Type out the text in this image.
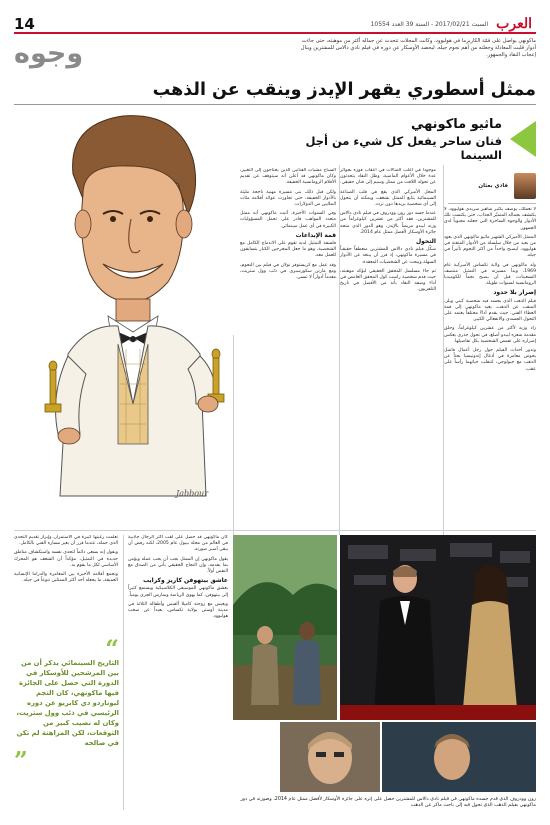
14	العرب
السبت 2017/02/21 - السنة 39 العدد 10554
ماكونهي يواصل على قمّة الكاريزما في هوليوود، وكانت المجلات تتحدث عن جماله أكثر من موهبته، حتى جاءت أدوار قلبت المعادلة وجعلته من أهم نجوم جيله، ليحصد الأوسكار عن دوره في فيلم نادي دالاس للمشترين وينال إعجاب النقاد والجمهور.
وجوه
ممثل أسطوري يقهر الإيدز وينقب عن الذهب
ماثيو ماكونهي
فنان ساحر يفعل كل شيء من أجل السينما
فادي بعثان
Jabbour

لا تعملك، يوصف بكثير شاهير سريدي هوليوود، لا يكتشف بجماله المتميّز الجذاب، حتى يكتسب تلك الأدوار والوجوه الساحرة التي جعلته محبوباً لدى الجمهور.

الممثل الأميركي الشهير ماثيو ماكونهي الذي يعود من بعيد من خلال سلسلة من الأدوار المتقنة في هوليوود، ليصبح واحداً من أكثر النجوم تأثيراً في جيله.

ولد ماكونهي في ولاية تكساس الأميركية عام 1969، وبدأ مسيرته في التمثيل منتصف التسعينات، قبل أن يصبح نجماً للكوميديا الرومانسية لسنوات طويلة.

إصرار بلا حدود

فيلم الذهب الذي يجسد فيه شخصية كيني ويلز، المنقب عن الذهب، يعيد ماكونهي إلى قمة العطاء الفني، حيث يقدم أداءً مختلفاً يعتمد على التحول الجسدي والانفعالي الكبير.

زاد وزنه لأكثر من عشرين كيلوغراماً، وحلق مقدمة شعره ليبدو أصلع، في تحول جذري يعكس إصراره على تقمص الشخصية بكل تفاصيلها.

وتدور أحداث الفيلم حول رجل أعمال فاشل يخوض مغامرة في أدغال إندونيسيا بحثاً عن الذهب مع جيولوجي، لتنقلب حياتهما رأساً على عقب.

موجوداً في أغلب الصالات في أعقاب فوزه بجوائز عدة خلال الأعوام الماضية، وظل النقاد يتحدثون عن تحوله اللافت من ممثل وسيم إلى فنان حقيقي.

المحل الأميركي الذي يقع في قلب الصناعة السينمائية يتابع الممثل بشغف، ويمكنه أن يتحول إلى أي شخصية يريدها دون تردد.

عندما جسد دور رون وودروف في فيلم نادي دالاس للمشترين، فقد أكثر من عشرين كيلوغراماً من وزنه ليبدو مريضاً بالإيدز، وهو الدور الذي منحه جائزة الأوسكار لأفضل ممثل عام 2014.

التحول

شكّل فيلم نادي دالاس للمشترين منعطفاً حقيقياً في مسيرة ماكونهي، إذ قرر أن يبتعد عن الأدوار السهلة ويبحث عن الشخصيات المعقدة.

ثم جاء مسلسل المحقق الحقيقي ليؤكد موهبته، حيث قدم شخصية راست كول المحقق الغامض في أداء وصفه النقاد بأنه من الأفضل في تاريخ التلفزيون.

السباح مشيات الفنانين الذين يحتاجون إلى التغيير، وكان ماكونهي قد أعلن أنه سيتوقف عن تقديم الأفلام الرومانسية الخفيفة.

ولكن قبل ذلك، بنى مسيرة مهنية ناجحة مليئة بالأدوار الخفيفة، حتى تجاوزت عوائد أفلامه مئات الملايين من الدولارات.

وفي السنوات الأخيرة، أثبت ماكونهي أنه ممثل متعدد المواهب قادر على تحمل المسؤوليات الكبيرة في أي عمل سينمائي.

قمة الإبداعات

فلسفة التمثيل لديه تقوم على الاندماج الكامل مع الشخصية، وهو ما جعل المخرجين الكبار يتسابقون للعمل معه.

وقد عمل مع كريستوفر نولان في فيلم بين النجوم، ومع مارتن سكورسيزي في ذئب وول ستريت، مقدماً أدواراً لا تنسى.

كان ماكونهي قد حصل على لقب أكثر الرجال جاذبية في العالم من مجلة بيبول عام 2005، لكنه رفض أن يبقى أسير صورته.

يقول ماكونهي إن الممثل يجب أن يحب عمله ويؤمن بما يقدمه، وإن النجاح الحقيقي يأتي من الصدق مع النفس أولاً.

عاشق بيتهوفن كاريز وكرايب

يعشق ماكونهي الموسيقى الكلاسيكية ويستمع كثيراً إلى بيتهوفن، كما يهوى الرياضة ويمارس الجري يومياً.

ويعيش مع زوجته كاميلا ألفيس وأطفاله الثلاثة في مدينة أوستن بولاية تكساس، بعيداً عن صخب هوليوود.

تعلمت رغبتها كبيرة في الاستمرار، وإبراز تقديم التحدي الذي حمله، عندما قرر أن يغير مساره الفني بالكامل.

ويقول إنه يسعى دائماً لتحدي نفسه واستكشاف مناطق جديدة في التمثيل، مؤكداً أن الشغف هو المحرك الأساسي لكل ما يقوم به.

وتجمع أفلامه الأخيرة بين المغامرة والدراما الإنسانية العميقة، ما يجعله أحد أكثر الممثلين تنوعاً في جيله.

“
التاريخ السينمائي يذكر أن من بين المرشحين للأوسكار في الدورة التي حصل على الجائزة فيها ماكونهي، كان النجم ليوناردو دي كابريو عن دوره الرئيسي في ذئب وول ستريت، وكان له نصيب كبير من التوقعات، لكن المراهنة لم تكن في صالحه
”
رون وودروف الذي قدم جسده ماكونهي في فيلم نادي دالاس للمشترين حصل على إثره على جائزة الأوسكار لأفضل ممثل عام 2014، وصورته في دور ماكونهي بفيلم الذهب الذي تحول فيه إلى باحث ماكر عن الذهب
